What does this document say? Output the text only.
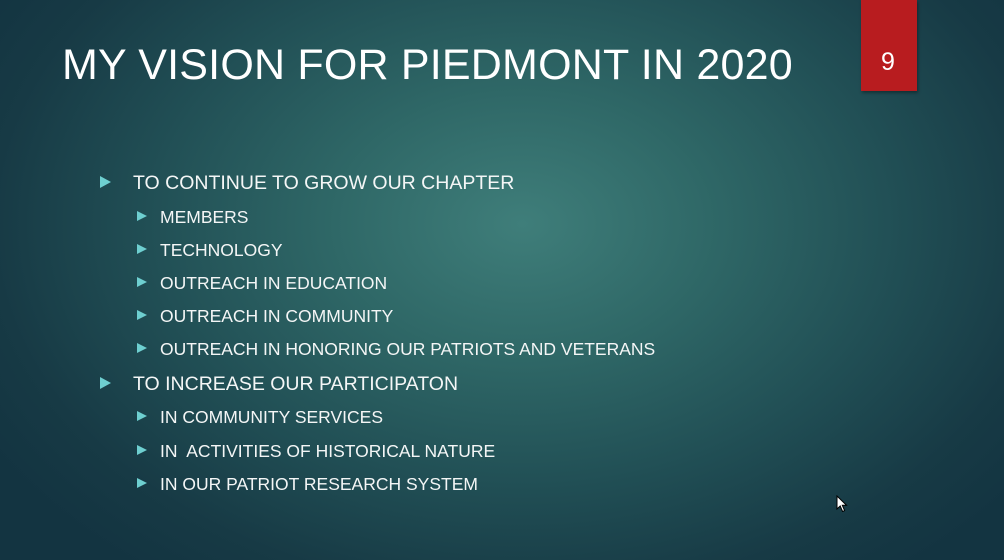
MY VISION FOR PIEDMONT IN 2020	9
TO CONTINUE TO GROW OUR CHAPTER
MEMBERS
TECHNOLOGY
OUTREACH IN EDUCATION
OUTREACH IN COMMUNITY
OUTREACH IN HONORING OUR PATRIOTS AND VETERANS
TO INCREASE OUR PARTICIPATON
IN COMMUNITY SERVICES
IN  ACTIVITIES OF HISTORICAL NATURE
IN OUR PATRIOT RESEARCH SYSTEM
